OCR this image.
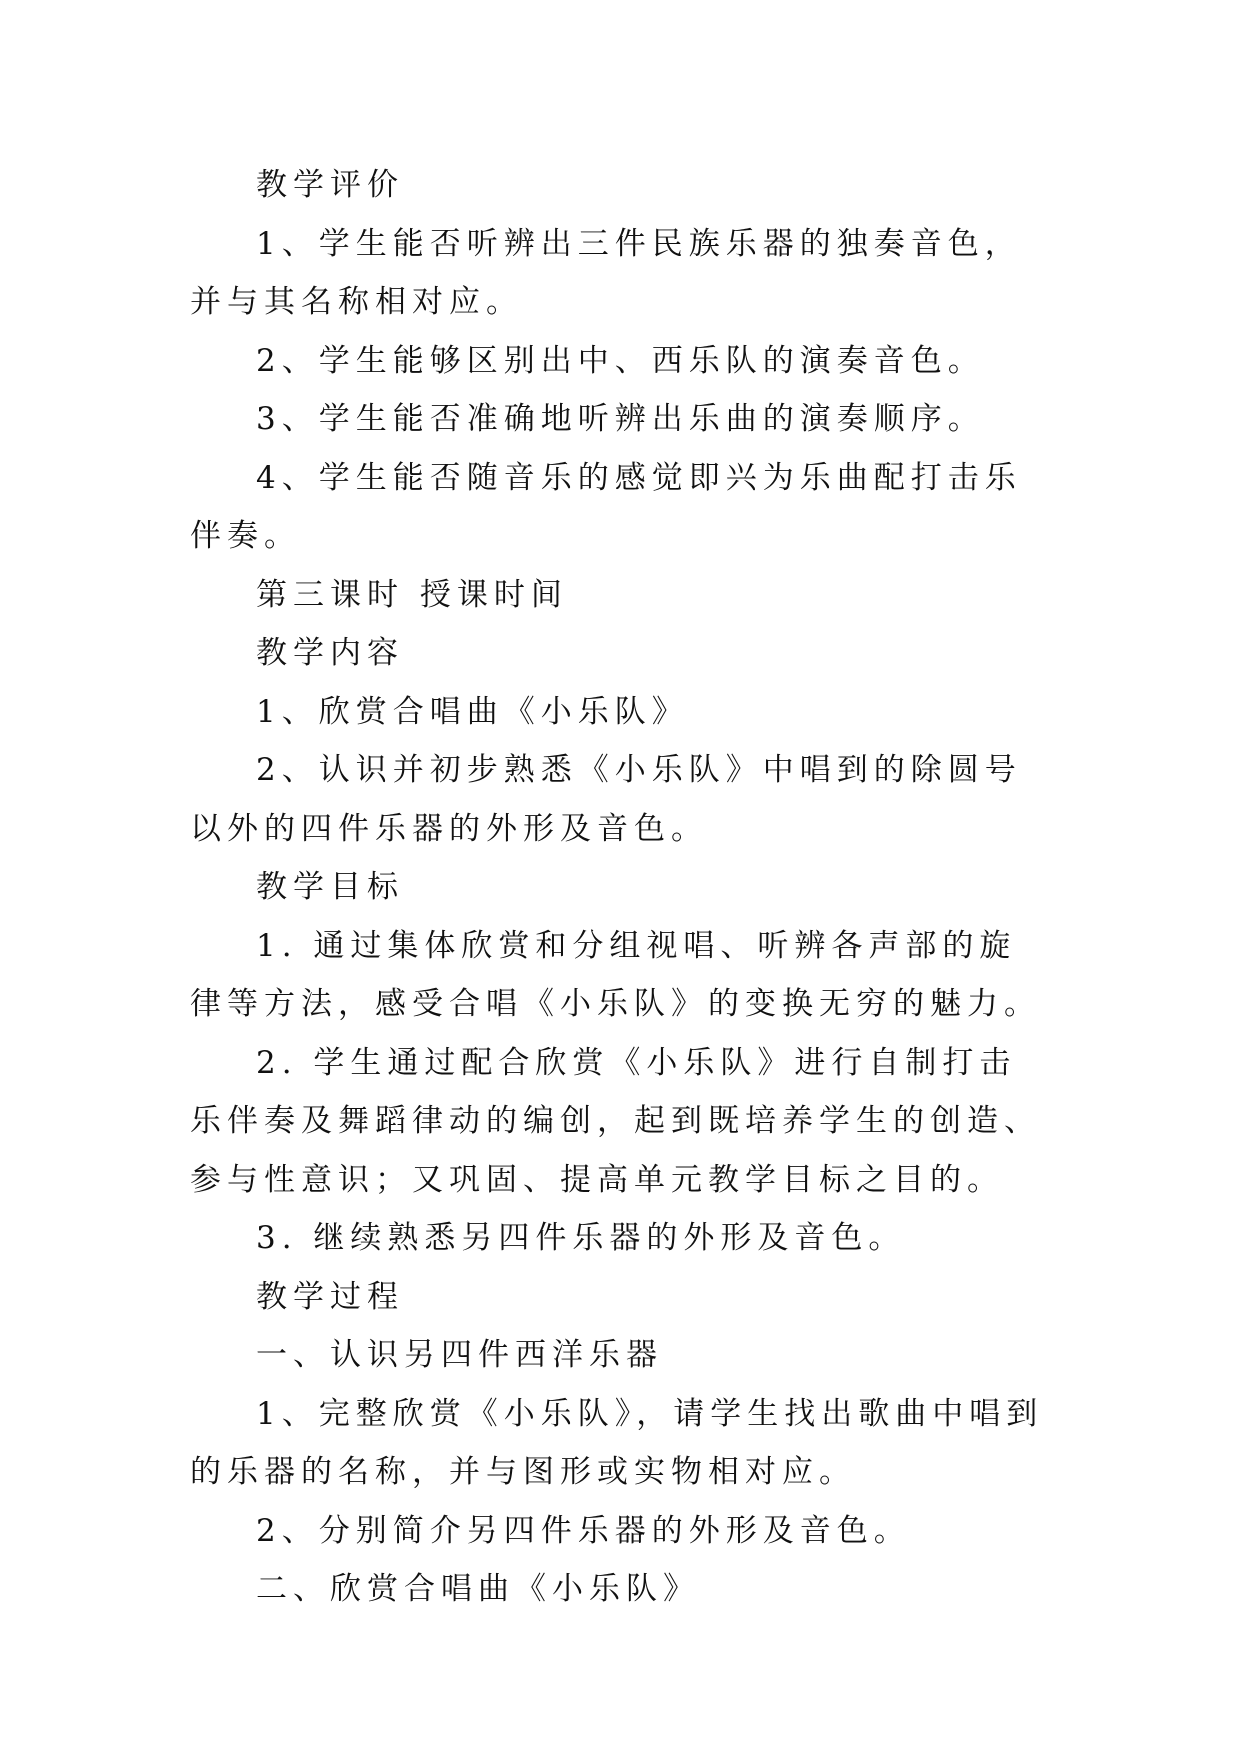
教学评价

1、学生能否听辨出三件民族乐器的独奏音色，并与其名称相对应。

2、学生能够区别出中、西乐队的演奏音色。

3、学生能否准确地听辨出乐曲的演奏顺序。

4、学生能否随音乐的感觉即兴为乐曲配打击乐伴奏。

第三课时 授课时间

教学内容

1、欣赏合唱曲《小乐队》

2、认识并初步熟悉《小乐队》中唱到的除圆号以外的四件乐器的外形及音色。

教学目标

1. 通过集体欣赏和分组视唱、听辨各声部的旋律等方法，感受合唱《小乐队》的变换无穷的魅力。

2. 学生通过配合欣赏《小乐队》进行自制打击乐伴奏及舞蹈律动的编创，起到既培养学生的创造、参与性意识；又巩固、提高单元教学目标之目的。

3. 继续熟悉另四件乐器的外形及音色。

教学过程

一、认识另四件西洋乐器

1、完整欣赏《小乐队》，请学生找出歌曲中唱到的乐器的名称，并与图形或实物相对应。

2、分别简介另四件乐器的外形及音色。

二、欣赏合唱曲《小乐队》
